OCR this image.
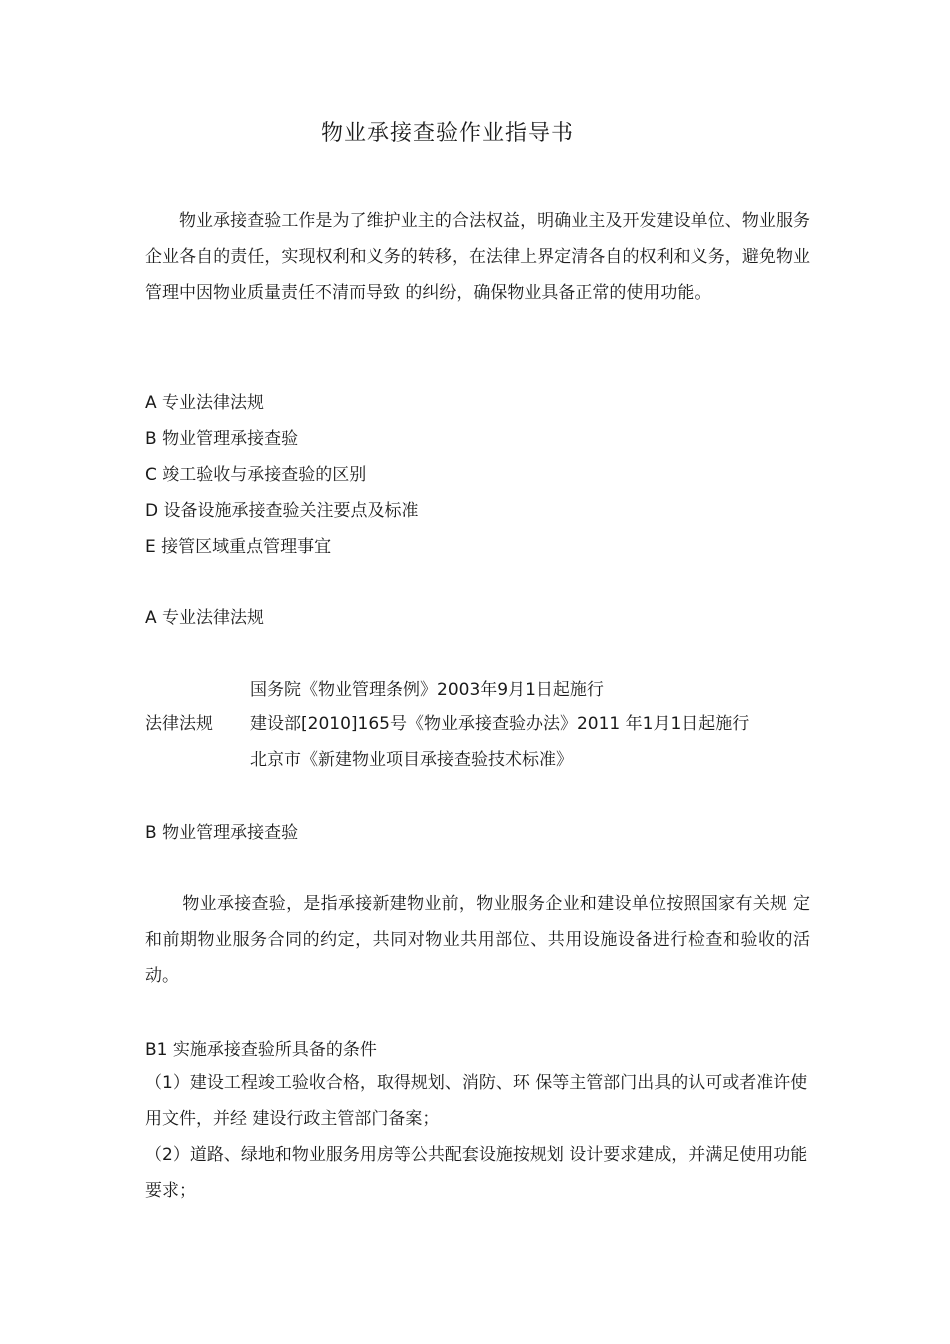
物业承接查验作业指导书

物业承接查验工作是为了维护业主的合法权益，明确业主及开发建设单位、物业服务企业各自的责任，实现权利和义务的转移，在法律上界定清各自的权利和义务，避免物业管理中因物业质量责任不清而导致 的纠纷，确保物业具备正常的使用功能。

A 专业法律法规
B 物业管理承接查验
C 竣工验收与承接查验的区别
D 设备设施承接查验关注要点及标准
E 接管区域重点管理事宜
A 专业法律法规
国务院《物业管理条例》2003年9月1日起施行
法律法规 建设部[2010]165号《物业承接查验办法》2011 年1月1日起施行
北京市《新建物业项目承接查验技术标准》
B 物业管理承接查验

物业承接查验，是指承接新建物业前，物业服务企业和建设单位按照国家有关规 定和前期物业服务合同的约定，共同对物业共用部位、共用设施设备进行检查和验收的活动。

B1 实施承接查验所具备的条件

（1）建设工程竣工验收合格，取得规划、消防、环 保等主管部门出具的认可或者准许使用文件，并经 建设行政主管部门备案；

（2）道路、绿地和物业服务用房等公共配套设施按规划 设计要求建成，并满足使用功能要求；
